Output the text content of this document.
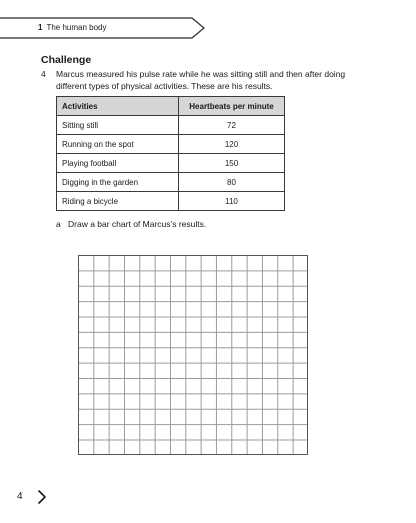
1 The human body
Challenge
4 Marcus measured his pulse rate while he was sitting still and then after doing different types of physical activities. These are his results.
Activities	Heartbeats per minute
Sitting still	72
Running on the spot	120
Playing football	150
Digging in the garden	80
Riding a bicycle	110
a Draw a bar chart of Marcus’s results.
4
